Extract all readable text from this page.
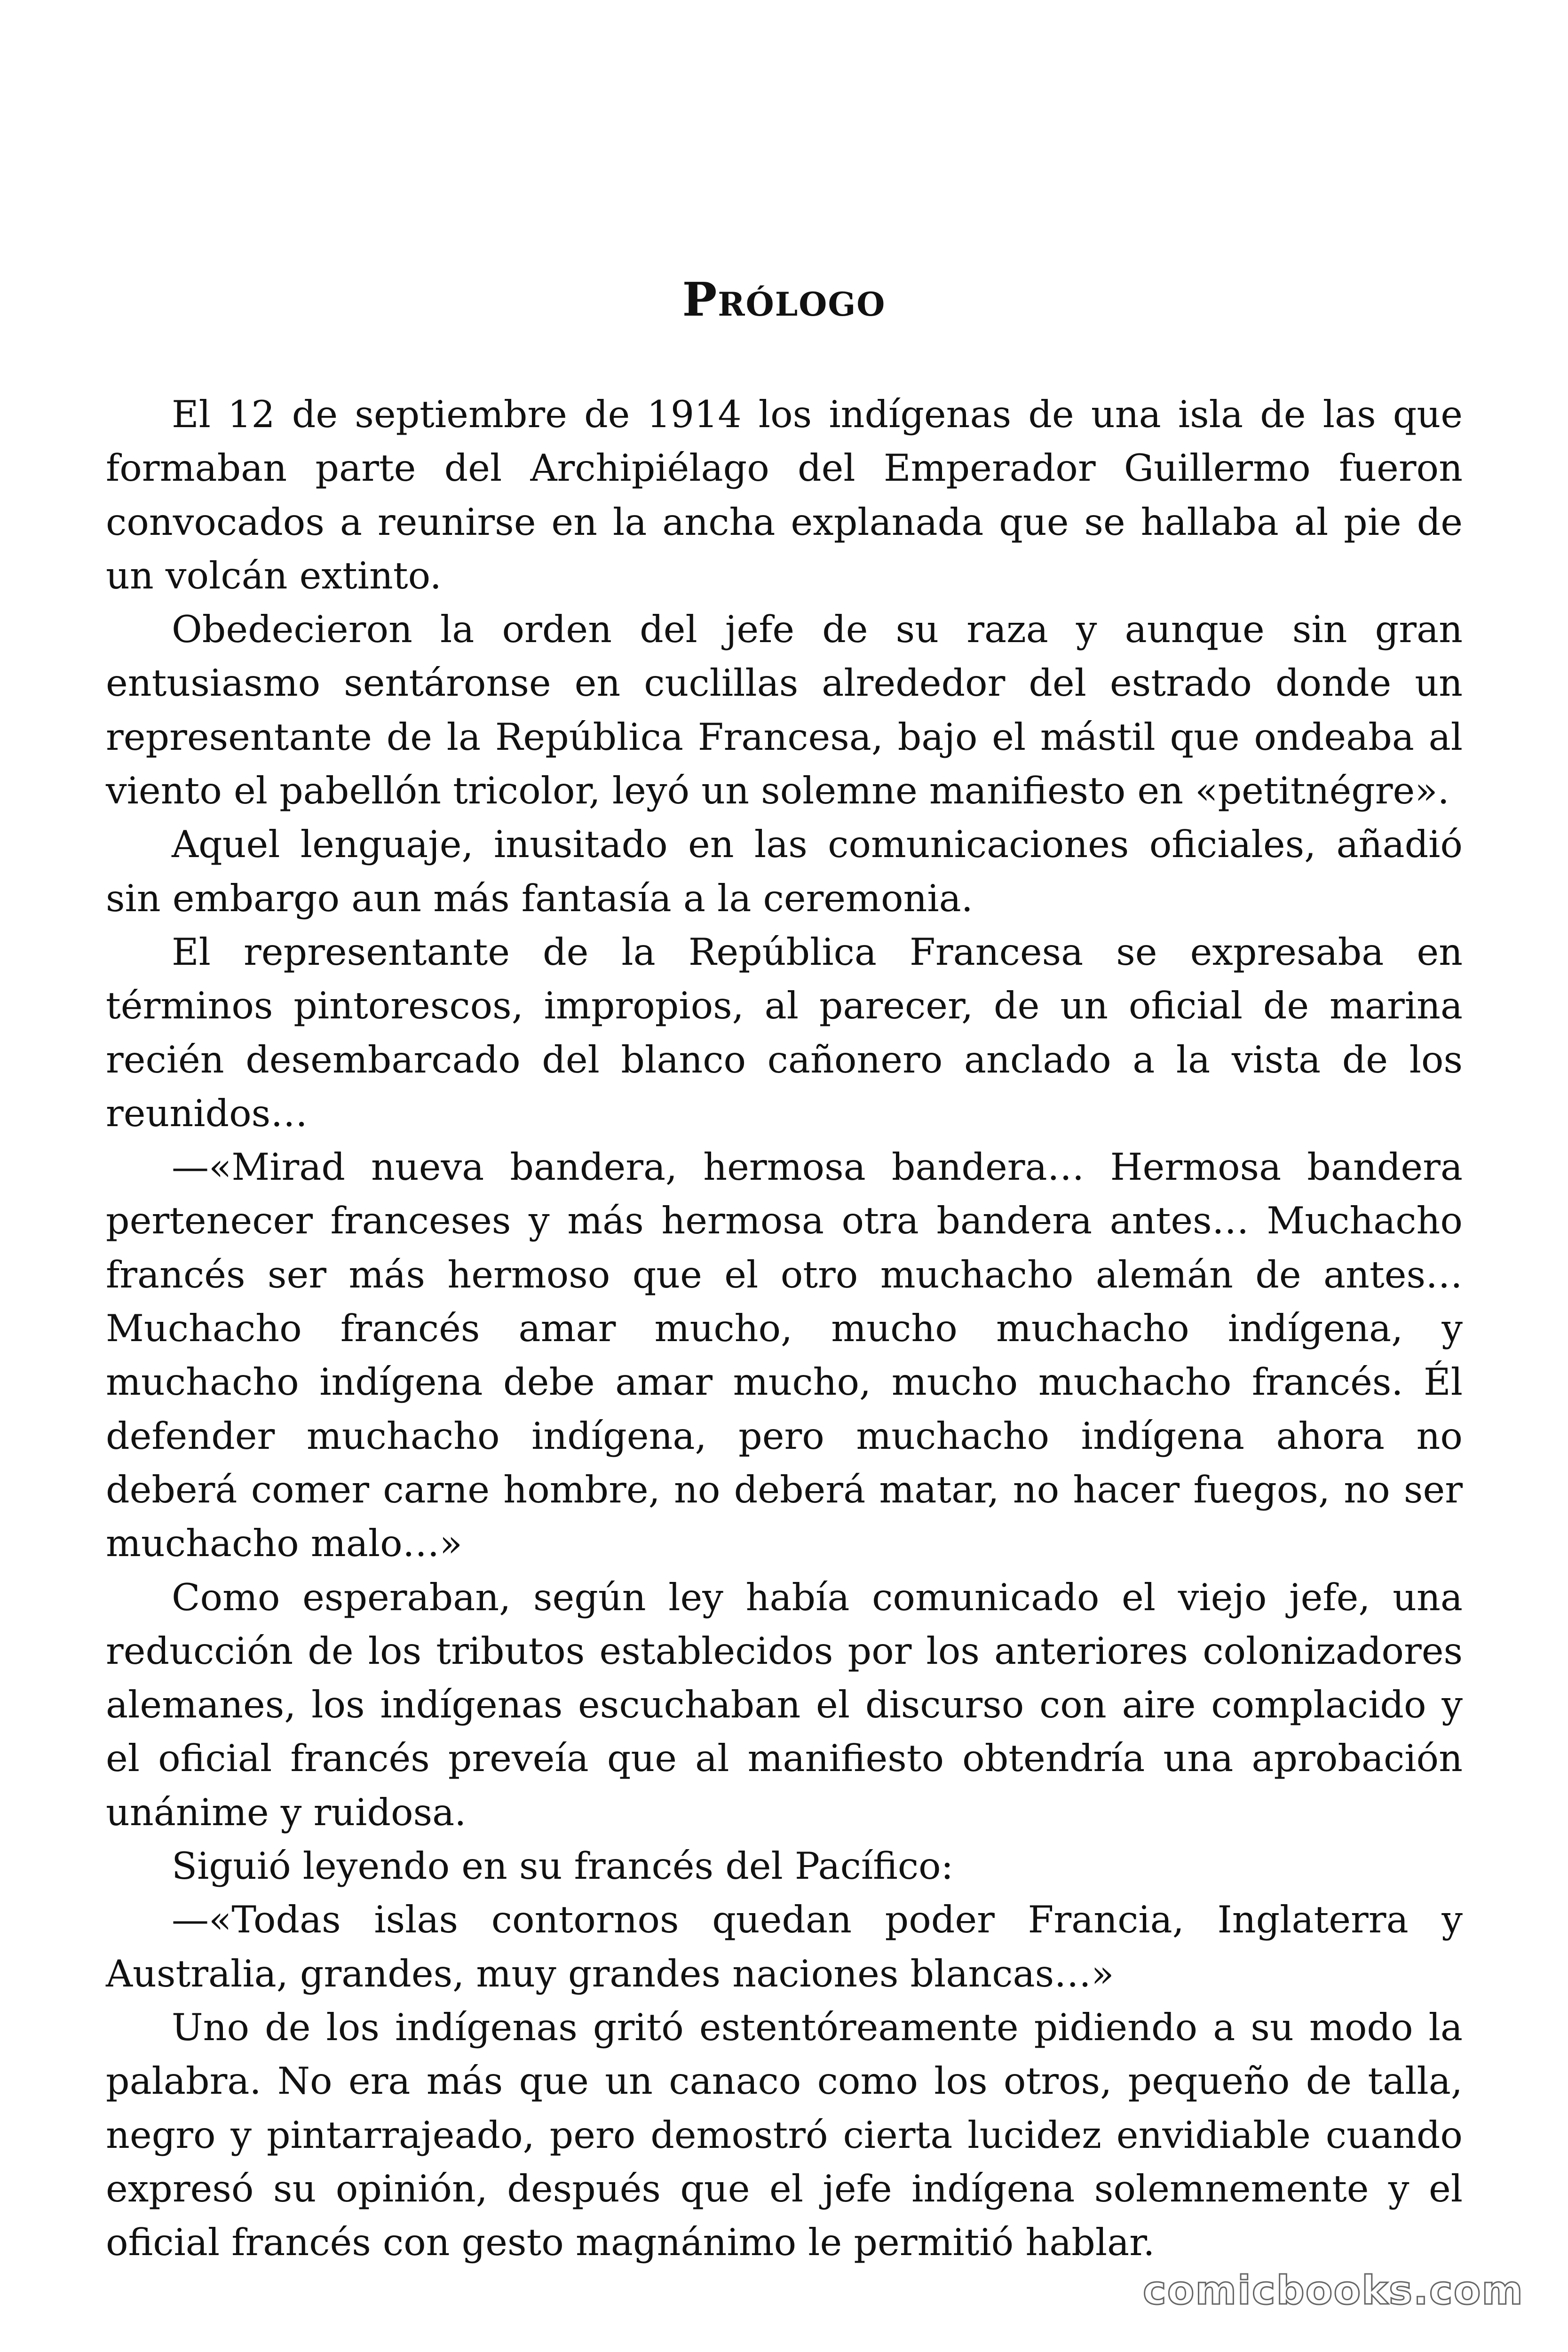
Prólogo

El 12 de septiembre de 1914 los indígenas de una isla de las que formaban parte del Archipiélago del Emperador Guillermo fueron convocados a reunirse en la ancha explanada que se hallaba al pie de un volcán extinto.

Obedecieron la orden del jefe de su raza y aunque sin gran entusiasmo sentáronse en cuclillas alrededor del estrado donde un representante de la República Francesa, bajo el mástil que ondeaba al viento el pabellón tricolor, leyó un solemne manifiesto en «petitnégre».

Aquel lenguaje, inusitado en las comunicaciones oficiales, añadió sin embargo aun más fantasía a la ceremonia.

El representante de la República Francesa se expresaba en términos pintorescos, impropios, al parecer, de un oficial de marina recién desembarcado del blanco cañonero anclado a la vista de los reunidos…

—«Mirad nueva bandera, hermosa bandera… Hermosa bandera pertenecer franceses y más hermosa otra bandera antes… Muchacho francés ser más hermoso que el otro muchacho alemán de antes… Muchacho francés amar mucho, mucho muchacho indígena, y muchacho indígena debe amar mucho, mucho muchacho francés. Él defender muchacho indígena, pero muchacho indígena ahora no deberá comer carne hombre, no deberá matar, no hacer fuegos, no ser muchacho malo…»

Como esperaban, según ley había comunicado el viejo jefe, una reducción de los tributos establecidos por los anteriores colonizadores alemanes, los indígenas escuchaban el discurso con aire complacido y el oficial francés preveía que al manifiesto obtendría una aprobación unánime y ruidosa.

Siguió leyendo en su francés del Pacífico:

—«Todas islas contornos quedan poder Francia, Inglaterra y Australia, grandes, muy grandes naciones blancas…»

Uno de los indígenas gritó estentóreamente pidiendo a su modo la palabra. No era más que un canaco como los otros, pequeño de talla, negro y pintarrajeado, pero demostró cierta lucidez envidiable cuando expresó su opinión, después que el jefe indígena solemnemente y el oficial francés con gesto magnánimo le permitió hablar.

comicbooks.com
